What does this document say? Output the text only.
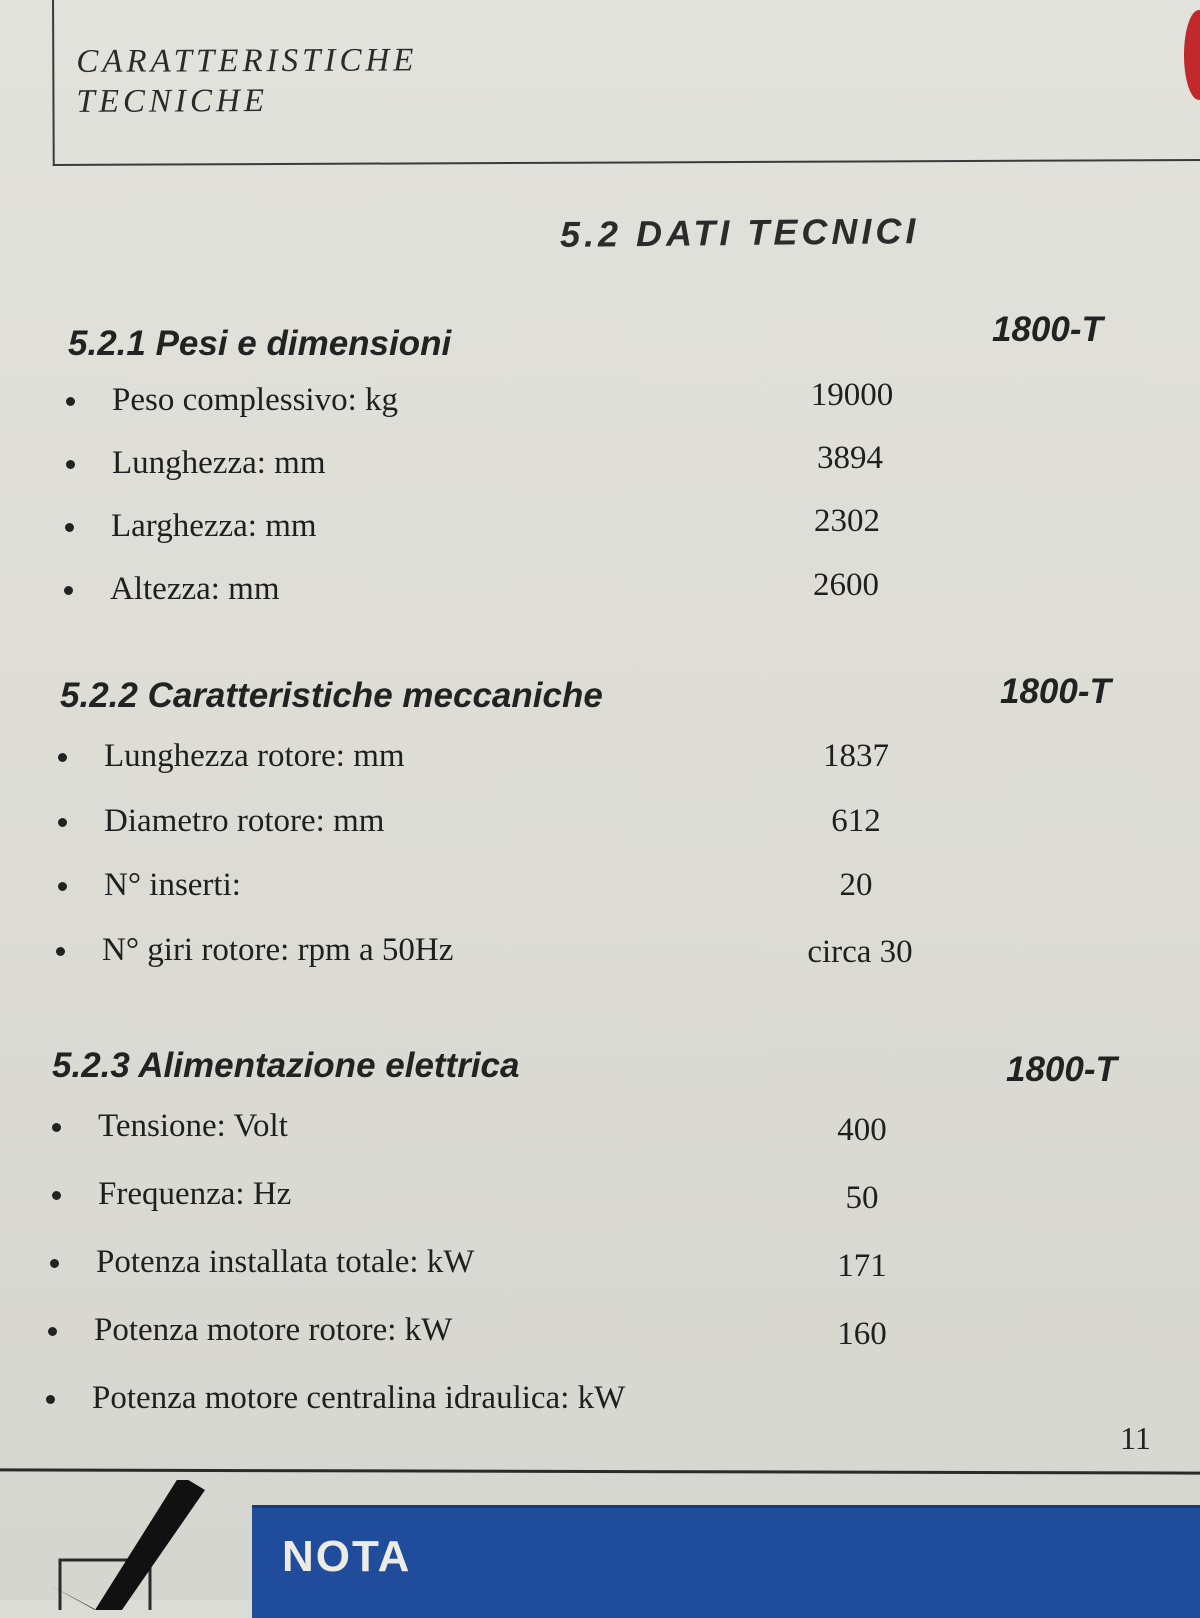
CARATTERISTICHE
TECNICHE
5.2 DATI TECNICI
5.2.1 Pesi e dimensioni	1800-T
Peso complessivo: kg	19000
Lunghezza: mm	3894
Larghezza: mm	2302
Altezza: mm	2600
5.2.2 Caratteristiche meccaniche	1800-T
Lunghezza rotore: mm	1837
Diametro rotore: mm	612
N° inserti:	20
N° giri rotore: rpm a 50Hz	circa 30
5.2.3 Alimentazione elettrica	1800-T
Tensione: Volt	400
Frequenza: Hz	50
Potenza installata totale: kW	171
Potenza motore rotore: kW	160
Potenza motore centralina idraulica: kW
11
NOTA
